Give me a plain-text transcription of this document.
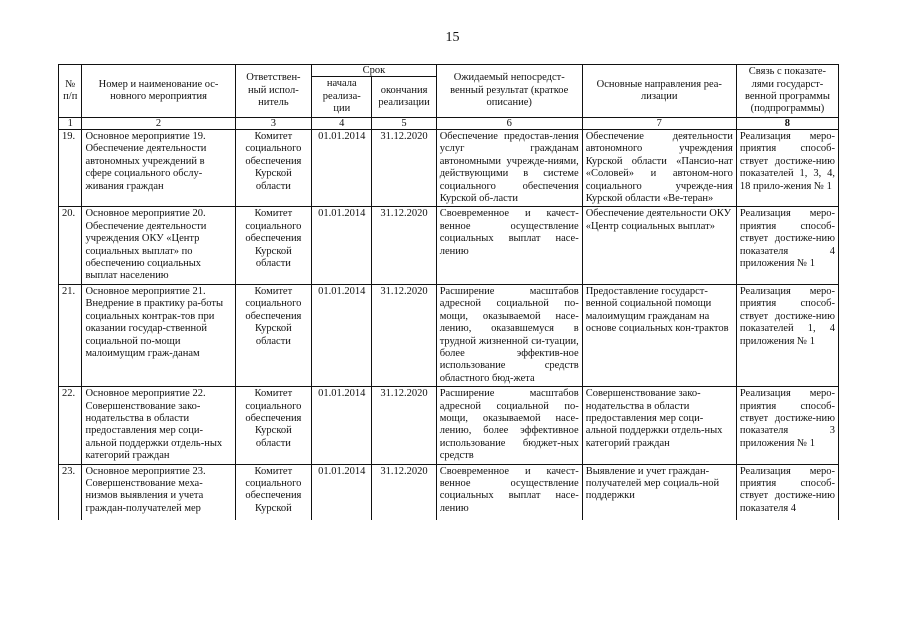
15
№ п/п	Номер и наименование ос-новного мероприятия	Ответствен-ный испол-нитель	Срок		Ожидаемый непосредст-венный результат (краткое описание)	Основные направления реа-лизации	Связь с показате-лями государст-венной программы (подпрограммы)
			начала реализа-ции	окончания реализации			
1	2	3	4	5	6	7	8
19.	Основное мероприятие 19. Обеспечение деятельности автономных учреждений в сфере социального обслу-живания граждан	Комитет социального обеспечения Курской области	01.01.2014	31.12.2020	Обеспечение предостав-ления услуг гражданам автономными учрежде-ниями, действующими в системе социального обеспечения Курской об-ласти	Обеспечение деятельности автономного учреждения Курской области «Пансио-нат «Соловей» и автоном-ного социального учрежде-ния Курской области «Ве-теран»	Реализация меро-приятия способ-ствует достиже-нию показателей 1, 3, 4, 18 прило-жения № 1
20.	Основное мероприятие 20. Обеспечение деятельности учреждения ОКУ «Центр социальных выплат» по обеспечению социальных выплат населению	Комитет социального обеспечения Курской области	01.01.2014	31.12.2020	Своевременное и качест-венное осуществление социальных выплат насе-лению	Обеспечение деятельности ОКУ «Центр социальных выплат»	Реализация меро-приятия способ-ствует достиже-нию показателя 4 приложения № 1
21.	Основное мероприятие 21. Внедрение в практику ра-боты социальных контрак-тов при оказании государ-ственной социальной по-мощи малоимущим граж-данам	Комитет социального обеспечения Курской области	01.01.2014	31.12.2020	Расширение масштабов адресной социальной по-мощи, оказываемой насе-лению, оказавшемуся в трудной жизненной си-туации, более эффектив-ное использование средств областного бюд-жета	Предоставление государст-венной социальной помощи малоимущим гражданам на основе социальных кон-трактов	Реализация меро-приятия способ-ствует достиже-нию показателей 1, 4 приложения № 1
22.	Основное мероприятие 22. Совершенствование зако-нодательства в области предоставления мер соци-альной поддержки отдель-ных категорий граждан	Комитет социального обеспечения Курской области	01.01.2014	31.12.2020	Расширение масштабов адресной социальной по-мощи, оказываемой насе-лению, более эффективное использование бюджет-ных средств	Совершенствование зако-нодательства в области предоставления мер соци-альной поддержки отдель-ных категорий граждан	Реализация меро-приятия способ-ствует достиже-нию показателя 3 приложения № 1

23.	Основное мероприятие 23. Совершенствование меха-низмов выявления и учета граждан-получателей мер	Комитет социального обеспечения Курской	01.01.2014	31.12.2020	Своевременное и качест-венное осуществление социальных выплат насе-лению	Выявление и учет граждан-получателей мер социаль-ной поддержки	Реализация меро-приятия способ-ствует достиже-нию показателя 4
